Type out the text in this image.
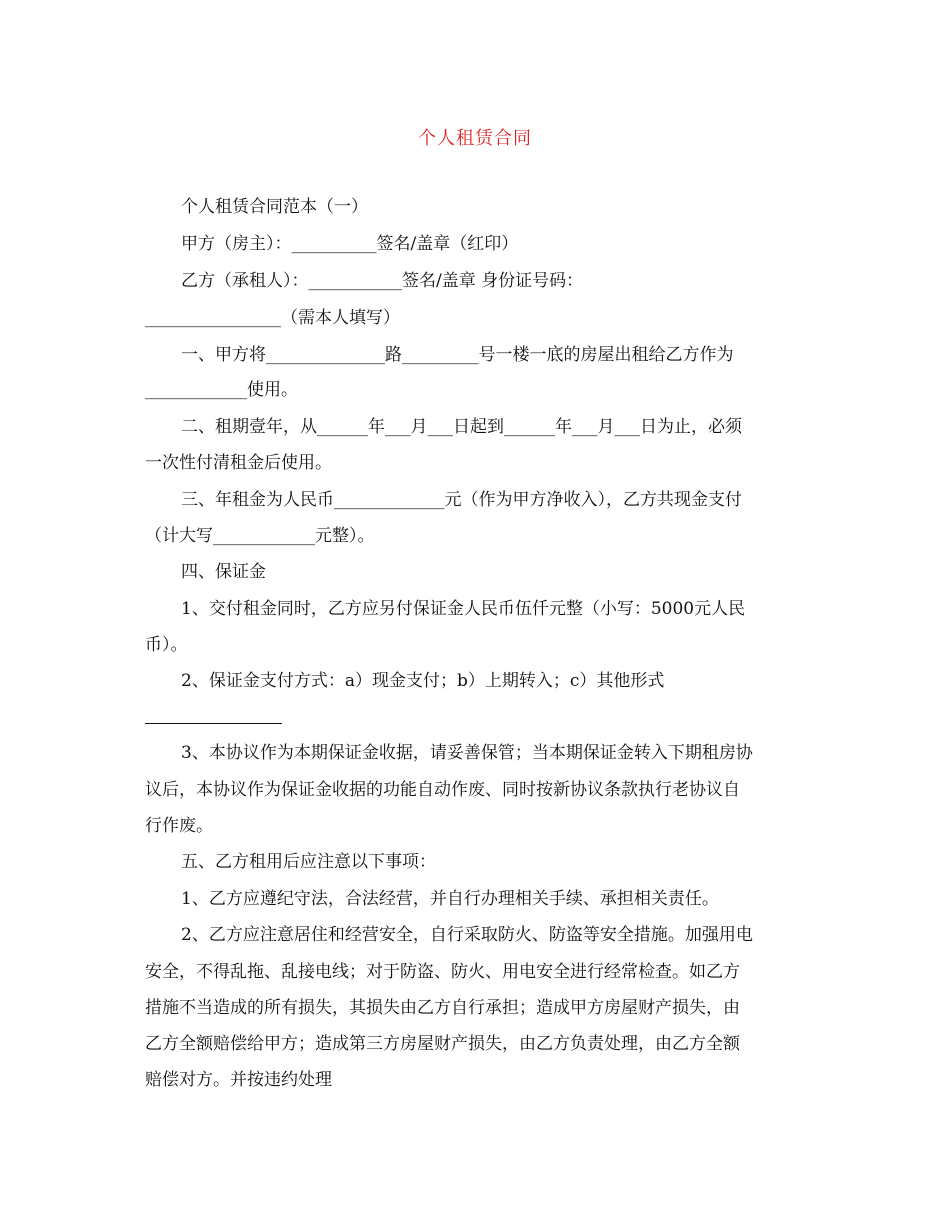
个人租赁合同
个人租赁合同范本（一）
甲方（房主）：__________签名/盖章（红印）
乙方（承租人）：___________签名/盖章 身份证号码：
________________（需本人填写）
一、甲方将______________路_________号一楼一底的房屋出租给乙方作为
____________使用。
二、租期壹年，从______年___月___日起到______年___月___日为止，必须
一次性付清租金后使用。
三、年租金为人民币_____________元（作为甲方净收入），乙方共现金支付
（计大写____________元整）。
四、保证金
1、交付租金同时，乙方应另付保证金人民币伍仟元整（小写：5000元人民
币）。
2、保证金支付方式：a）现金支付；b）上期转入；c）其他形式
3、本协议作为本期保证金收据，请妥善保管；当本期保证金转入下期租房协
议后，本协议作为保证金收据的功能自动作废、同时按新协议条款执行老协议自
行作废。
五、乙方租用后应注意以下事项：
1、乙方应遵纪守法，合法经营，并自行办理相关手续、承担相关责任。
2、乙方应注意居住和经营安全，自行采取防火、防盗等安全措施。加强用电
安全，不得乱拖、乱接电线；对于防盗、防火、用电安全进行经常检查。如乙方
措施不当造成的所有损失，其损失由乙方自行承担；造成甲方房屋财产损失，由
乙方全额赔偿给甲方；造成第三方房屋财产损失，由乙方负责处理，由乙方全额
赔偿对方。并按违约处理
